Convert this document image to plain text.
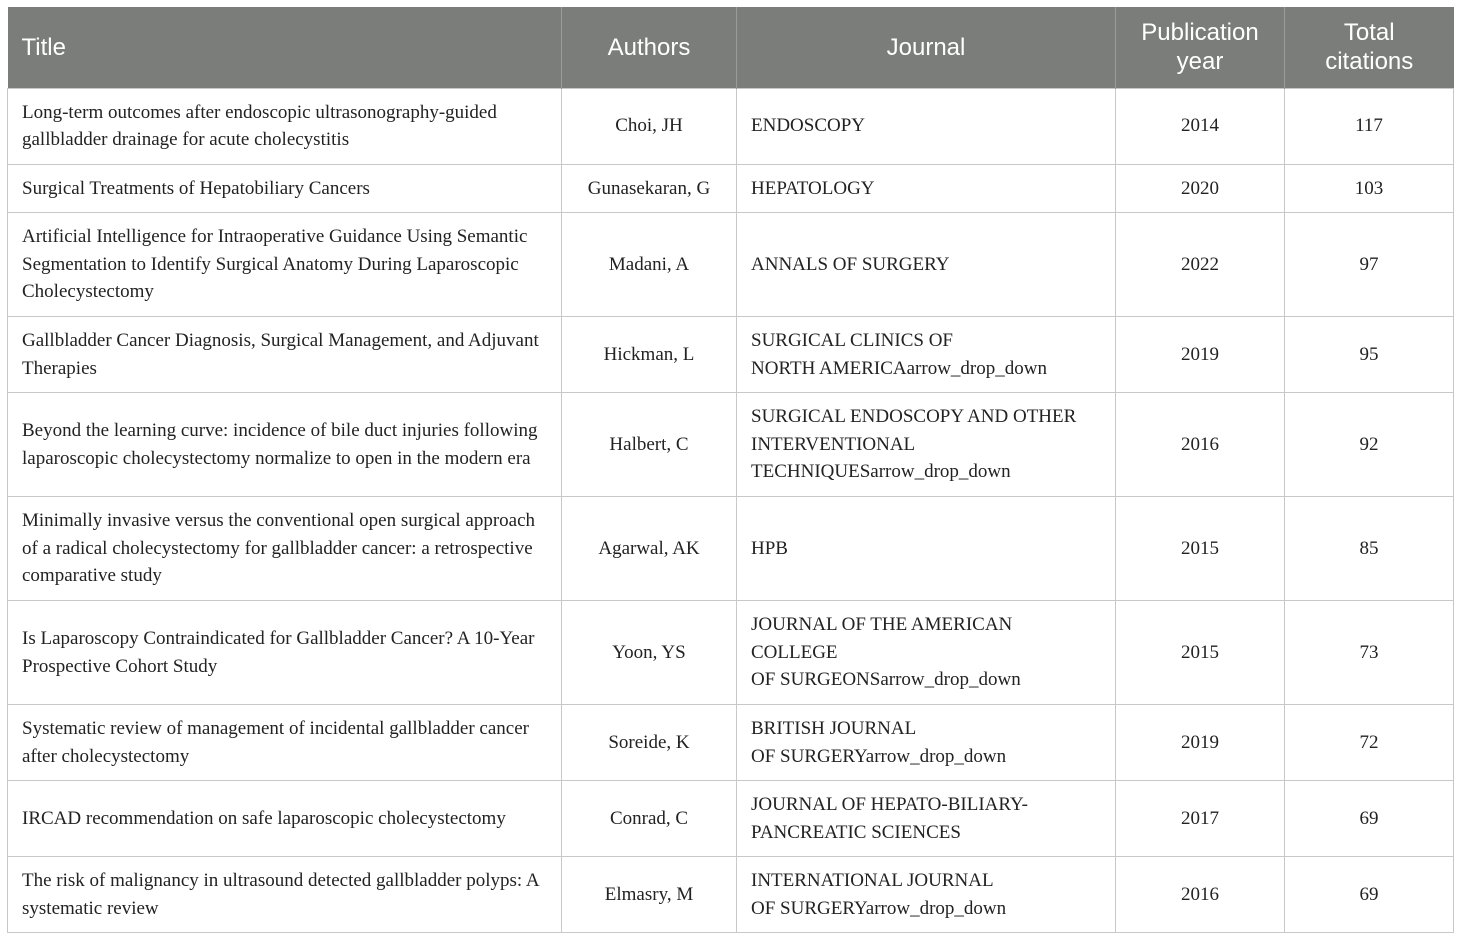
Title	Authors	Journal	Publication year	Total citations
Long-term outcomes after endoscopic ultrasonography-guided gallbladder drainage for acute cholecystitis	Choi, JH	ENDOSCOPY	2014	117
Surgical Treatments of Hepatobiliary Cancers	Gunasekaran, G	HEPATOLOGY	2020	103
Artificial Intelligence for Intraoperative Guidance Using Semantic Segmentation to Identify Surgical Anatomy During Laparoscopic Cholecystectomy	Madani, A	ANNALS OF SURGERY	2022	97
Gallbladder Cancer Diagnosis, Surgical Management, and Adjuvant Therapies	Hickman, L	SURGICAL CLINICS OF
NORTH AMERICAarrow_drop_down	2019	95
Beyond the learning curve: incidence of bile duct injuries following laparoscopic cholecystectomy normalize to open in the modern era	Halbert, C	SURGICAL ENDOSCOPY AND OTHER
INTERVENTIONAL
TECHNIQUESarrow_drop_down	2016	92
Minimally invasive versus the conventional open surgical approach of a radical cholecystectomy for gallbladder cancer: a retrospective comparative study	Agarwal, AK	HPB	2015	85
Is Laparoscopy Contraindicated for Gallbladder Cancer? A 10-Year Prospective Cohort Study	Yoon, YS	JOURNAL OF THE AMERICAN
COLLEGE
OF SURGEONSarrow_drop_down	2015	73
Systematic review of management of incidental gallbladder cancer after cholecystectomy	Soreide, K	BRITISH JOURNAL
OF SURGERYarrow_drop_down	2019	72
IRCAD recommendation on safe laparoscopic cholecystectomy	Conrad, C	JOURNAL OF HEPATO-BILIARY-
PANCREATIC SCIENCES	2017	69
The risk of malignancy in ultrasound detected gallbladder polyps: A systematic review	Elmasry, M	INTERNATIONAL JOURNAL
OF SURGERYarrow_drop_down	2016	69
